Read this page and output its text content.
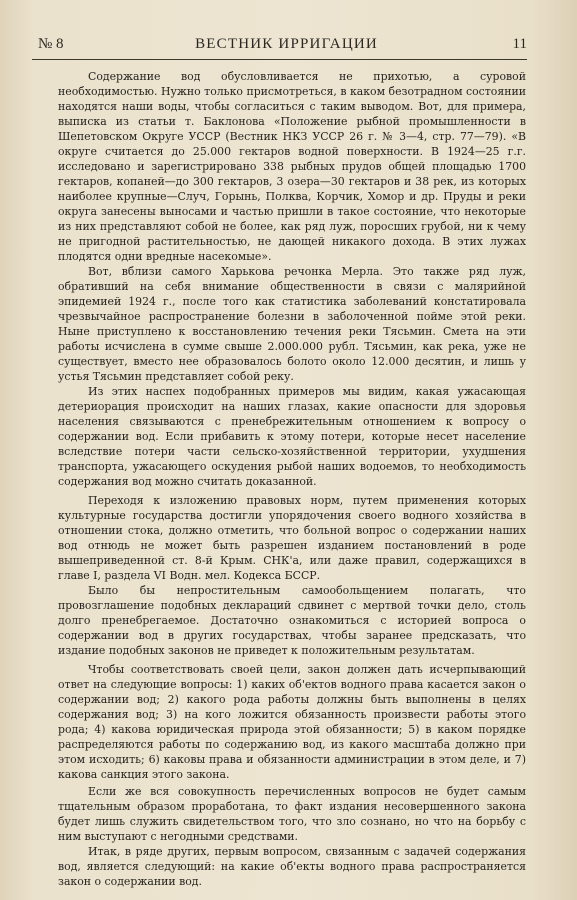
№ 8	ВЕСТНИК ИРРИГАЦИИ	11

Содержание вод обусловливается не прихотью, а суровой необходимостью. Нужно только присмотреться, в каком безотрадном состоянии находятся наши воды, чтобы согласиться с таким выводом. Вот, для примера, выписка из статьи т. Баклонова «Положение рыбной промышленности в Шепетовском Округе УССР (Вестник НКЗ УССР 26 г. № 3—4, стр. 77—79). «В округе считается до 25.000 гектаров водной поверхности. В 1924—25 г.г. исследовано и зарегистрировано 338 рыбных прудов общей площадью 1700 гектаров, копаней—до 300 гектаров, 3 озера—30 гектаров и 38 рек, из которых наиболее крупные—Случ, Горынь, Полква, Корчик, Хомор и др. Пруды и реки округа занесены выносами и частью пришли в такое состояние, что некоторые из них представляют собой не более, как ряд луж, поросших грубой, ни к чему не пригодной растительностью, не дающей никакого дохода. В этих лужах плодятся одни вредные насекомые».

Вот, вблизи самого Харькова речонка Мерла. Это также ряд луж, обративший на себя внимание общественности в связи с малярийной эпидемией 1924 г., после того как статистика заболеваний констатировала чрезвычайное распространение болезни в заболоченной пойме этой реки. Ныне приступлено к восстановлению течения реки Тясьмин. Смета на эти работы исчислена в сумме свыше 2.000.000 рубл. Тясьмин, как река, уже не существует, вместо нее образовалось болото около 12.000 десятин, и лишь у устья Тясьмин представляет собой реку.

Из этих наспех подобранных примеров мы видим, какая ужасающая детериорация происходит на наших глазах, какие опасности для здоровья населения связываются с пренебрежительным отношением к вопросу о содержании вод. Если прибавить к этому потери, которые несет население вследствие потери части сельско-хозяйственной территории, ухудшения транспорта, ужасающего оскудения рыбой наших водоемов, то необходимость содержания вод можно считать доказанной.

Переходя к изложению правовых норм, путем применения которых культурные государства достигли упорядочения своего водного хозяйства в отношении стока, должно отметить, что больной вопрос о содержании наших вод отнюдь не может быть разрешен изданием постановлений в роде вышеприведенной ст. 8-й Крым. СНК'а, или даже правил, содержащихся в главе I, раздела VI Водн. мел. Кодекса БССР.

Было бы непростительным самообольщением полагать, что провозглашение подобных деклараций сдвинет с мертвой точки дело, столь долго пренебрегаемое. Достаточно ознакомиться с историей вопроса о содержании вод в других государствах, чтобы заранее предсказать, что издание подобных законов не приведет к положительным результатам.

Чтобы соответствовать своей цели, закон должен дать исчерпывающий ответ на следующие вопросы: 1) каких об'ектов водного права касается закон о содержании вод; 2) какого рода работы должны быть выполнены в целях содержания вод; 3) на кого ложится обязанность произвести работы этого рода; 4) какова юридическая природа этой обязанности; 5) в каком порядке распределяются работы по содержанию вод, из какого масштаба должно при этом исходить; 6) каковы права и обязанности администрации в этом деле, и 7) какова санкция этого закона.

Если же вся совокупность перечисленных вопросов не будет самым тщательным образом проработана, то факт издания несовершенного закона будет лишь служить свидетельством того, что зло сознано, но что на борьбу с ним выступают с негодными средствами.

Итак, в ряде других, первым вопросом, связанным с задачей содержания вод, является следующий: на какие об'екты водного права распространяется закон о содержании вод.
